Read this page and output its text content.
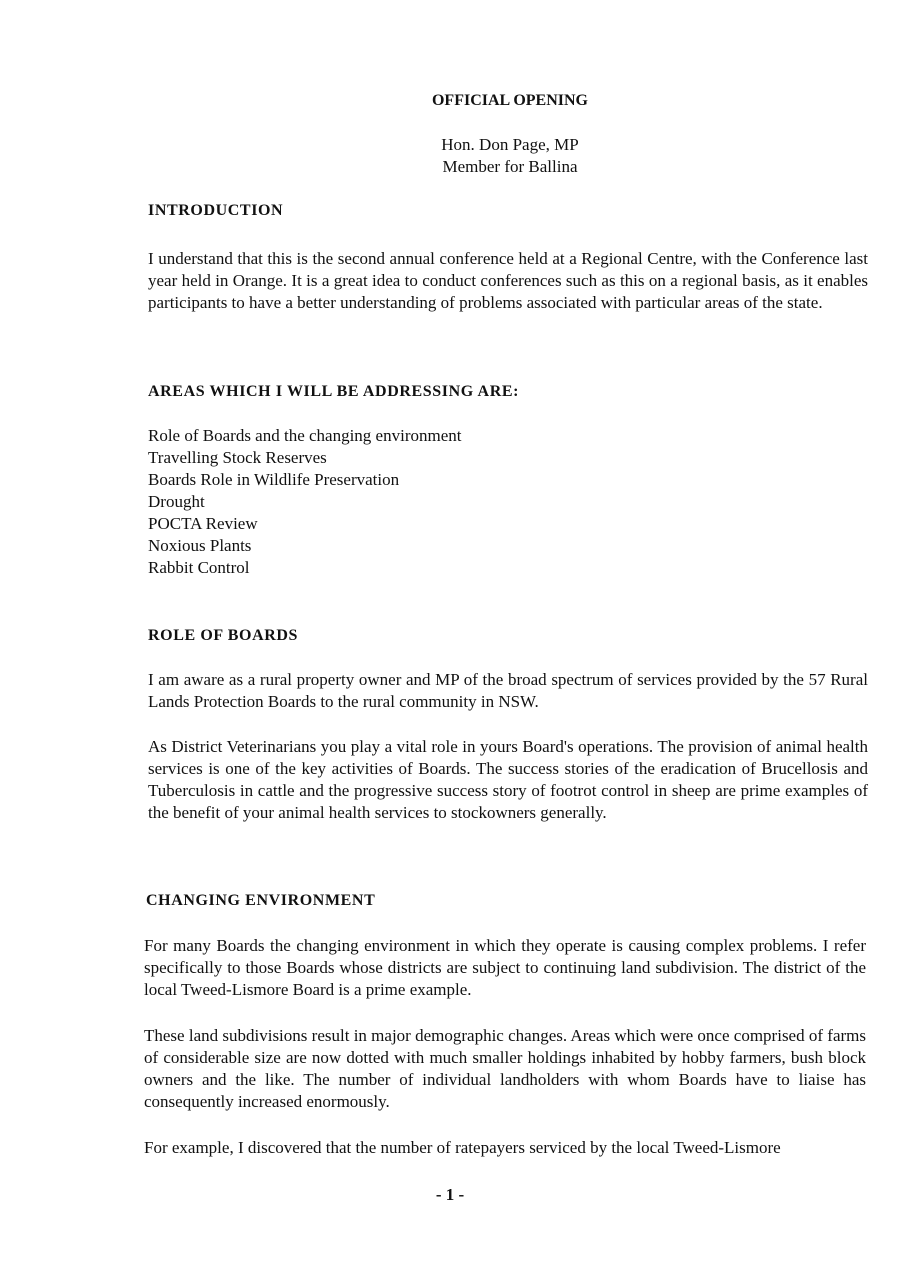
OFFICIAL OPENING
Hon. Don Page, MP
Member for Ballina
INTRODUCTION
I understand that this is the second annual conference held at a Regional Centre, with the Conference last year held in Orange. It is a great idea to conduct conferences such as this on a regional basis, as it enables participants to have a better understanding of problems associated with particular areas of the state.
AREAS WHICH I WILL BE ADDRESSING ARE:
Role of Boards and the changing environment
Travelling Stock Reserves
Boards Role in Wildlife Preservation
Drought
POCTA Review
Noxious Plants
Rabbit Control
ROLE OF BOARDS
I am aware as a rural property owner and MP of the broad spectrum of services provided by the 57 Rural Lands Protection Boards to the rural community in NSW.
As District Veterinarians you play a vital role in yours Board's operations. The provision of animal health services is one of the key activities of Boards. The success stories of the eradication of Brucellosis and Tuberculosis in cattle and the progressive success story of footrot control in sheep are prime examples of the benefit of your animal health services to stockowners generally.
CHANGING ENVIRONMENT
For many Boards the changing environment in which they operate is causing complex problems. I refer specifically to those Boards whose districts are subject to continuing land subdivision. The district of the local Tweed-Lismore Board is a prime example.
These land subdivisions result in major demographic changes. Areas which were once comprised of farms of considerable size are now dotted with much smaller holdings inhabited by hobby farmers, bush block owners and the like. The number of individual landholders with whom Boards have to liaise has consequently increased enormously.
For example, I discovered that the number of ratepayers serviced by the local Tweed-Lismore
- 1 -
